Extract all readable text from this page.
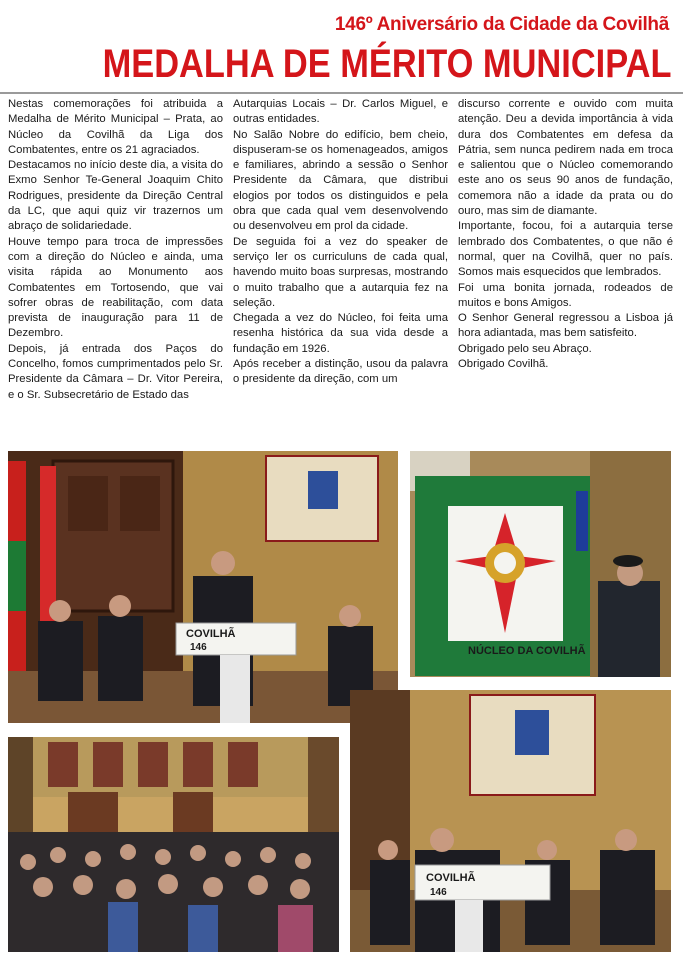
146º Aniversário da Cidade da Covilhã
MEDALHA DE MÉRITO MUNICIPAL

Nestas comemorações foi atribuida a Medalha de Mérito Municipal – Prata, ao Núcleo da Covilhã da Liga dos Combatentes, entre os 21 agraciados.

Destacamos no início deste dia, a visita do Exmo Senhor Te-General Joaquim Chito Rodrigues, presidente da Direção Central da LC, que aqui quiz vir trazernos um abraço de solidariedade.

Houve tempo para troca de impressões com a direção do Núcleo e ainda, uma visita rápida ao Monumento aos Combatentes em Tortosendo, que vai sofrer obras de reabilitação, com data prevista de inauguração para 11 de Dezembro.

Depois, já entrada dos Paços do Concelho, fomos cumprimentados pelo Sr. Presidente da Câmara – Dr. Vitor Pereira, e o Sr. Subsecretário de Estado das

Autarquias Locais – Dr. Carlos Miguel, e outras entidades.

No Salão Nobre do edifício, bem cheio, dispuseram-se os homenageados, amigos e familiares, abrindo a sessão o Senhor Presidente da Câmara, que distribui elogios por todos os distinguidos e pela obra que cada qual vem desenvolvendo ou desenvolveu em prol da cidade.

De seguida foi a vez do speaker de serviço ler os curriculuns de cada qual, havendo muito boas surpresas, mostrando o muito trabalho que a autarquia fez na seleção.

Chegada a vez do Núcleo, foi feita uma resenha histórica da sua vida desde a fundação em 1926.

Após receber a distinção, usou da palavra o presidente da direção, com um

discurso corrente e ouvido com muita atenção. Deu a devida importância à vida dura dos Combatentes em defesa da Pátria, sem nunca pedirem nada em troca e salientou que o Núcleo comemorando este ano os seus 90 anos de fundação, comemora não a idade da prata ou do ouro, mas sim de diamante.

Importante, focou, foi a autarquia terse lembrado dos Combatentes, o que não é normal, quer na Covilhã, quer no país. Somos mais esquecidos que lembrados.

Foi uma bonita jornada, rodeados de muitos e bons Amigos.

O Senhor General regressou a Lisboa já hora adiantada, mas bem satisfeito.

Obrigado pelo seu Abraço.

Obrigado Covilhã.

COVILHÃ
146	NÚCLEO DA COVILHÃ
COVILHÃ
146
